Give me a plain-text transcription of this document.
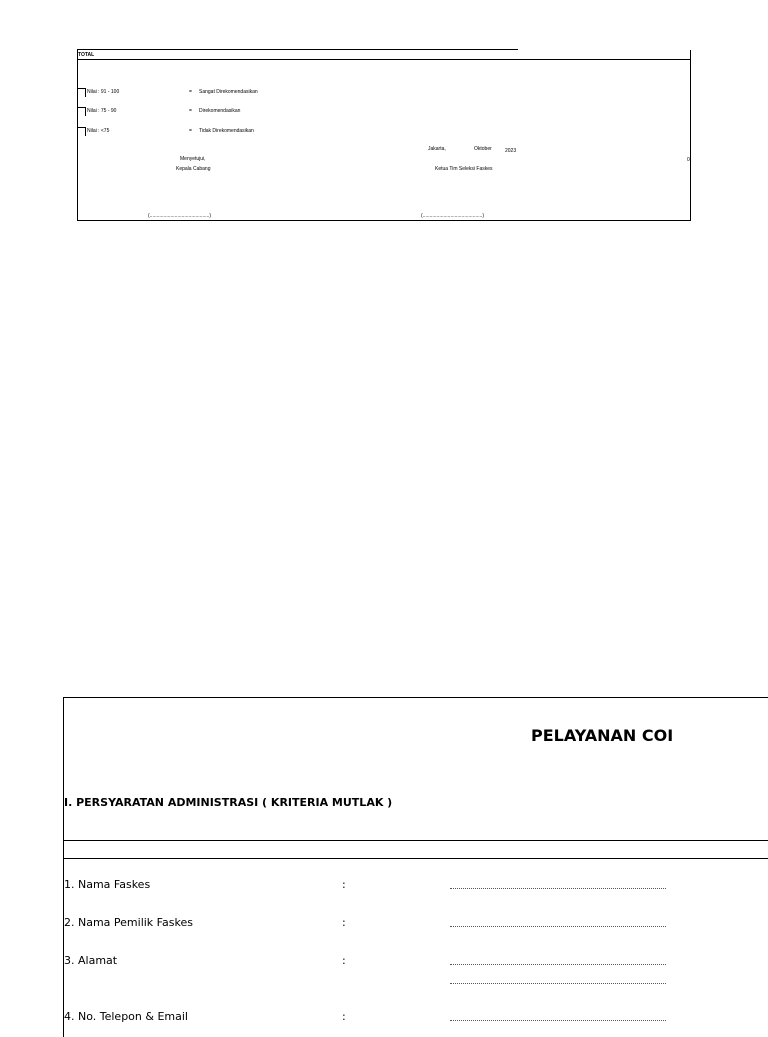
TOTAL
Nilai : 91 - 100	= Sangat Direkomendasikan
Nilai : 75 - 90	= Direkomendasikan
Nilai : <75	= Tidak Direkomendasikan
Jakarta,	Oktober	2023
0
Menyetujui,
Kepala Cabang	Ketua Tim Seleksi Faskes
(...........................................)	(...........................................)
PELAYANAN COI
I. PERSYARATAN ADMINISTRASI ( KRITERIA MUTLAK )
1. Nama Faskes	:
2. Nama Pemilik Faskes	:
3. Alamat	:
4. No. Telepon & Email	:
